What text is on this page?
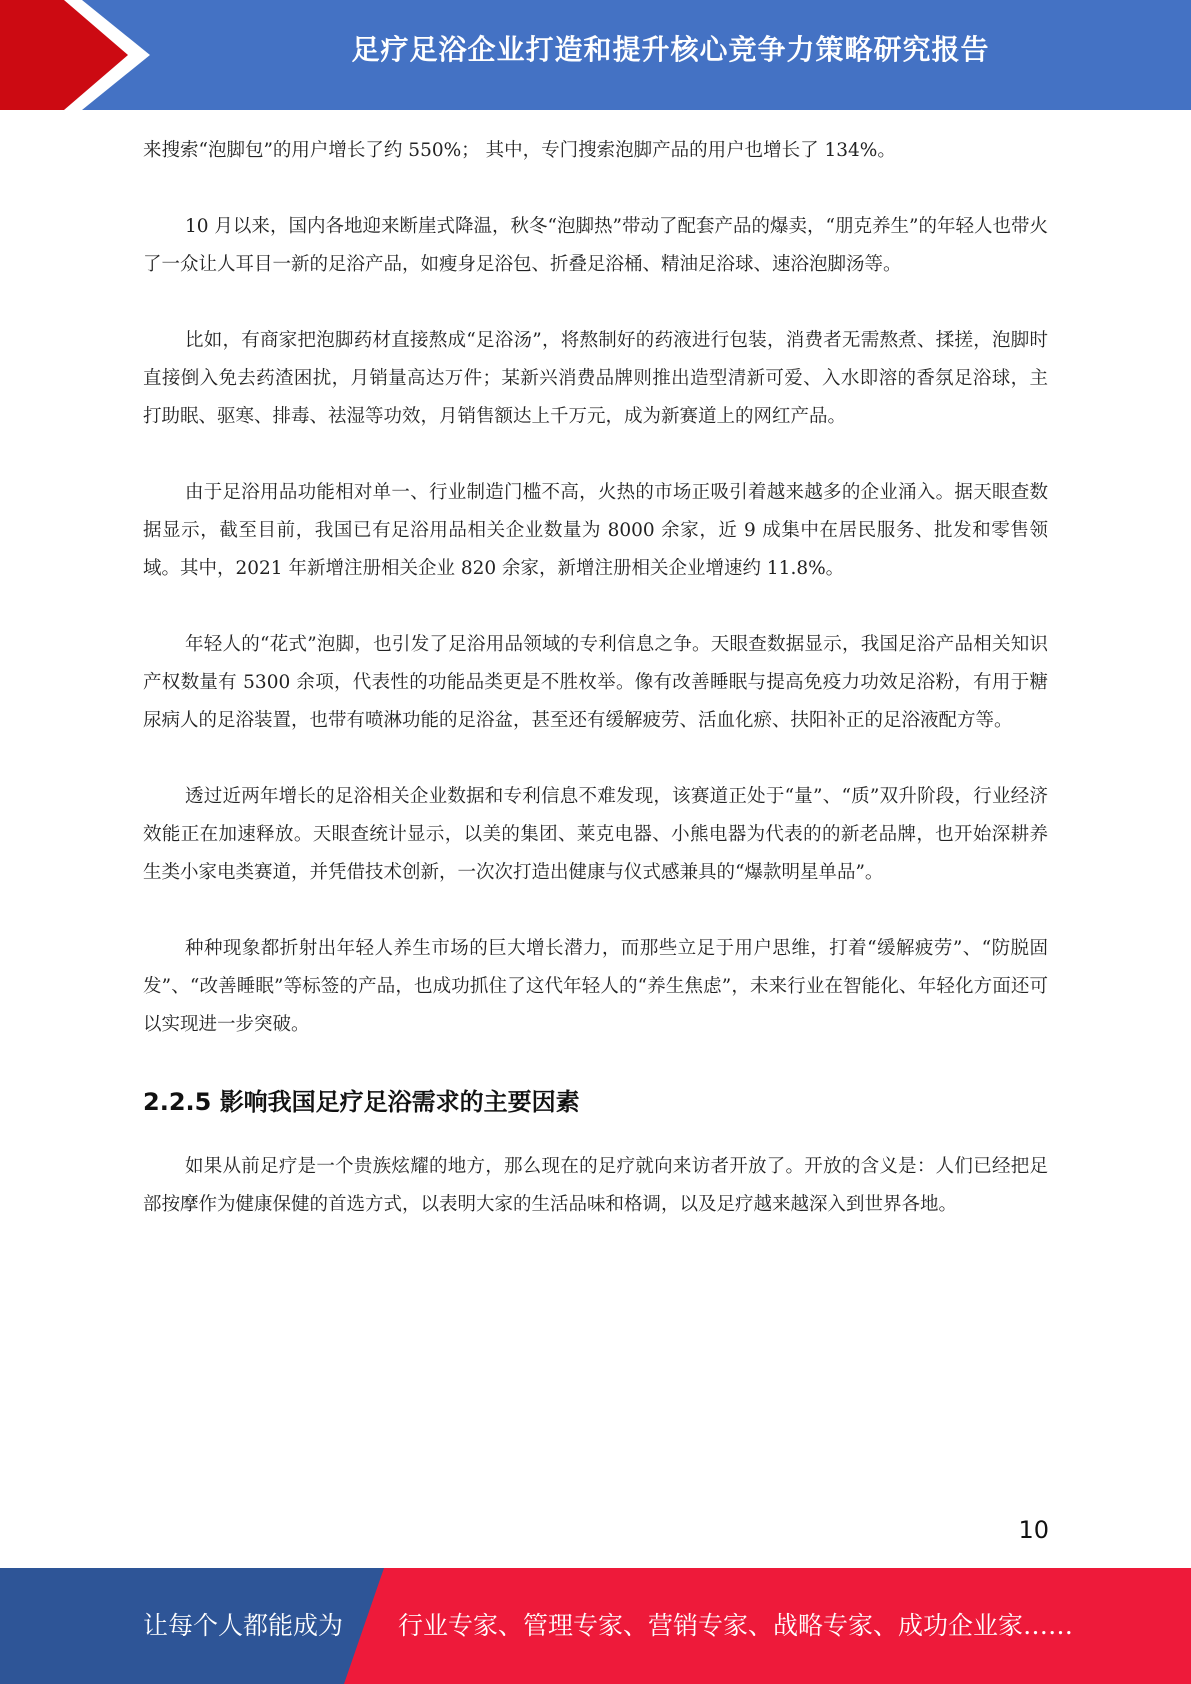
足疗足浴企业打造和提升核心竞争力策略研究报告

来搜索“泡脚包”的用户增长了约 550%； 其中，专门搜索泡脚产品的用户也增长了 134%。

10 月以来，国内各地迎来断崖式降温，秋冬“泡脚热”带动了配套产品的爆卖，“朋克养生”的年轻人也带火了一众让人耳目一新的足浴产品，如瘦身足浴包、折叠足浴桶、精油足浴球、速浴泡脚汤等。

比如，有商家把泡脚药材直接熬成“足浴汤”，将熬制好的药液进行包装，消费者无需熬煮、揉搓，泡脚时直接倒入免去药渣困扰，月销量高达万件；某新兴消费品牌则推出造型清新可爱、入水即溶的香氛足浴球，主打助眠、驱寒、排毒、祛湿等功效，月销售额达上千万元，成为新赛道上的网红产品。

由于足浴用品功能相对单一、行业制造门槛不高，火热的市场正吸引着越来越多的企业涌入。据天眼查数据显示，截至目前，我国已有足浴用品相关企业数量为 8000 余家，近 9 成集中在居民服务、批发和零售领域。其中，2021 年新增注册相关企业 820 余家，新增注册相关企业增速约 11.8%。

年轻人的“花式”泡脚，也引发了足浴用品领域的专利信息之争。天眼查数据显示，我国足浴产品相关知识产权数量有 5300 余项，代表性的功能品类更是不胜枚举。像有改善睡眠与提高免疫力功效足浴粉，有用于糖尿病人的足浴装置，也带有喷淋功能的足浴盆，甚至还有缓解疲劳、活血化瘀、扶阳补正的足浴液配方等。

透过近两年增长的足浴相关企业数据和专利信息不难发现，该赛道正处于“量”、“质”双升阶段，行业经济效能正在加速释放。天眼查统计显示，以美的集团、莱克电器、小熊电器为代表的的新老品牌，也开始深耕养生类小家电类赛道，并凭借技术创新，一次次打造出健康与仪式感兼具的“爆款明星单品”。

种种现象都折射出年轻人养生市场的巨大增长潜力，而那些立足于用户思维，打着“缓解疲劳”、“防脱固发”、“改善睡眠”等标签的产品，也成功抓住了这代年轻人的“养生焦虑”，未来行业在智能化、年轻化方面还可以实现进一步突破。

2.2.5 影响我国足疗足浴需求的主要因素

如果从前足疗是一个贵族炫耀的地方，那么现在的足疗就向来访者开放了。开放的含义是：人们已经把足部按摩作为健康保健的首选方式，以表明大家的生活品味和格调，以及足疗越来越深入到世界各地。

10
让每个人都能成为 行业专家、管理专家、营销专家、战略专家、成功企业家……
